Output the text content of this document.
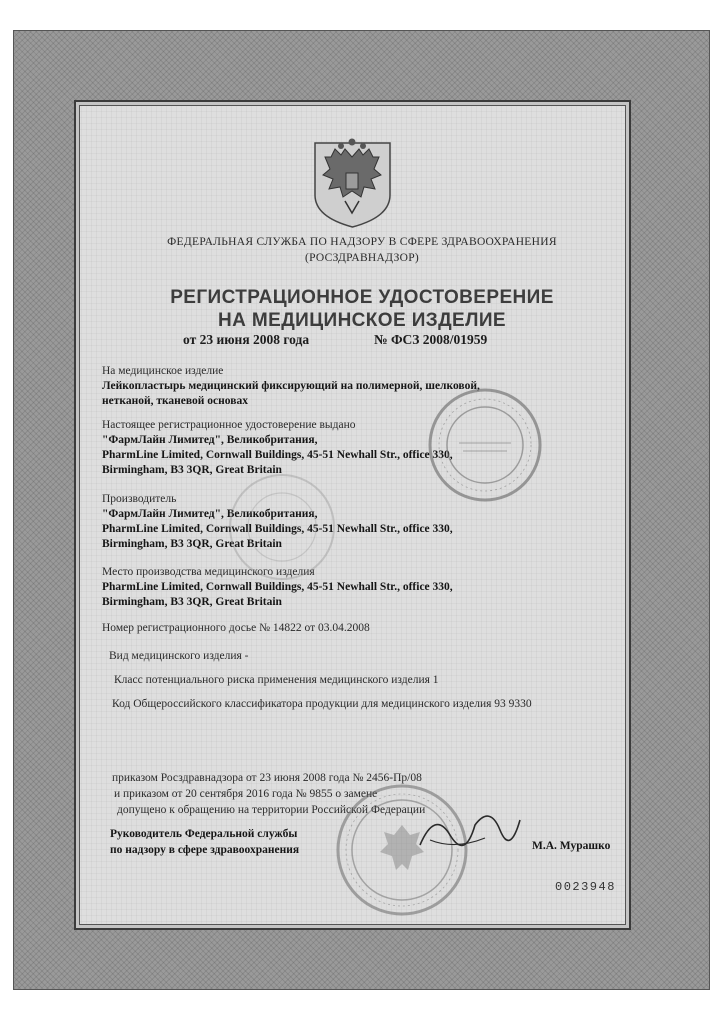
ФЕДЕРАЛЬНАЯ СЛУЖБА ПО НАДЗОРУ В СФЕРЕ ЗДРАВООХРАНЕНИЯ
(РОСЗДРАВНАДЗОР)
РЕГИСТРАЦИОННОЕ УДОСТОВЕРЕНИЕ
НА МЕДИЦИНСКОЕ ИЗДЕЛИЕ
от 23 июня 2008 года	№ ФСЗ 2008/01959
На медицинское изделие
Лейкопластырь медицинский фиксирующий на полимерной, шелковой,
нетканой, тканевой основах
Настоящее регистрационное удостоверение выдано
"ФармЛайн Лимитед", Великобритания,
PharmLine Limited, Cornwall Buildings, 45-51 Newhall Str., office 330,
Birmingham, B3 3QR, Great Britain
Производитель
"ФармЛайн Лимитед", Великобритания,
PharmLine Limited, Cornwall Buildings, 45-51 Newhall Str., office 330,
Birmingham, B3 3QR, Great Britain
Место производства медицинского изделия
PharmLine Limited, Cornwall Buildings, 45-51 Newhall Str., office 330,
Birmingham, B3 3QR, Great Britain
Номер регистрационного досье № 14822 от 03.04.2008
Вид медицинского изделия -
Класс потенциального риска применения медицинского изделия 1
Код Общероссийского классификатора продукции для медицинского изделия 93 9330
приказом Росздравнадзора от 23 июня 2008 года № 2456-Пр/08
и приказом от 20 сентября 2016 года № 9855 о замене
допущено к обращению на территории Российской Федерации
Руководитель Федеральной службы
по надзору в сфере здравоохранения	М.А. Мурашко
0023948
